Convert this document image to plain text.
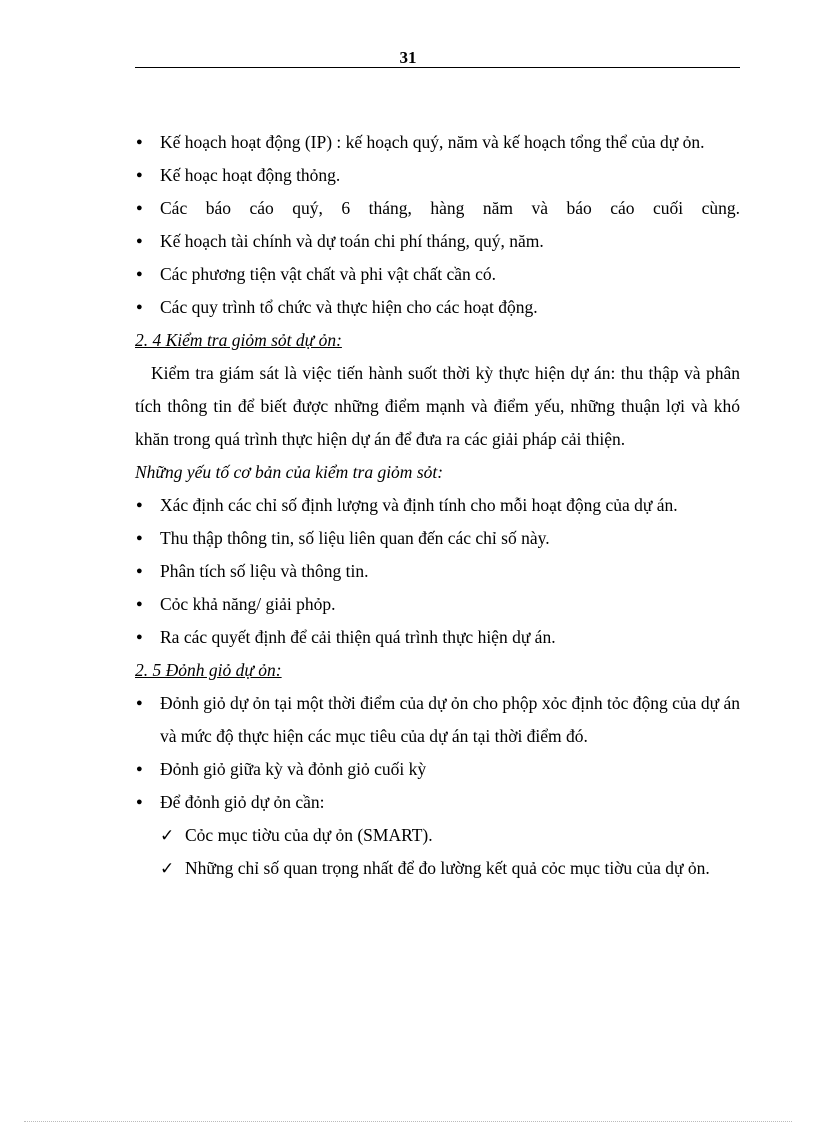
31
● Kế hoạch hoạt động (IP) : kế hoạch quý, năm và kế hoạch tổng thể của dự ỏn.
● Kế hoạc hoạt động thỏng.
● Các báo cáo quý, 6 tháng, hàng năm và báo cáo cuối cùng.
● Kế hoạch tài chính và dự toán chi phí tháng, quý, năm.
● Các phương tiện vật chất và phi vật chất cần có.
● Các quy trình tổ chức và thực hiện cho các hoạt động.
2. 4 Kiểm tra giỏm sỏt dự ỏn:

Kiểm tra giám sát là việc tiến hành suốt thời kỳ thực hiện dự án: thu thập và phân tích thông tin để biết được những điểm mạnh và điểm yếu, những thuận lợi và khó khăn trong quá trình thực hiện dự án để đưa ra các giải pháp cải thiện.

Những yếu tố cơ bản của kiểm tra giỏm sỏt:
● Xác định các chỉ số định lượng và định tính cho mỗi hoạt động của dự án.
● Thu thập thông tin, số liệu liên quan đến các chỉ số này.
● Phân tích số liệu và thông tin.
● Cỏc khả năng/ giải phỏp.
● Ra các quyết định để cải thiện quá trình thực hiện dự án.
2. 5 Đỏnh giỏ dự ỏn:
● Đỏnh giỏ dự ỏn tại một thời điểm của dự ỏn cho phộp xỏc định tỏc động của dự án và mức độ thực hiện các mục tiêu của dự án tại thời điểm đó.
● Đỏnh giỏ giữa kỳ và đỏnh giỏ cuối kỳ
● Để đỏnh giỏ dự ỏn cần:
✓ Cỏc mục tiờu của dự ỏn (SMART).
✓ Những chỉ số quan trọng nhất để đo lường kết quả cỏc mục tiờu của dự ỏn.
